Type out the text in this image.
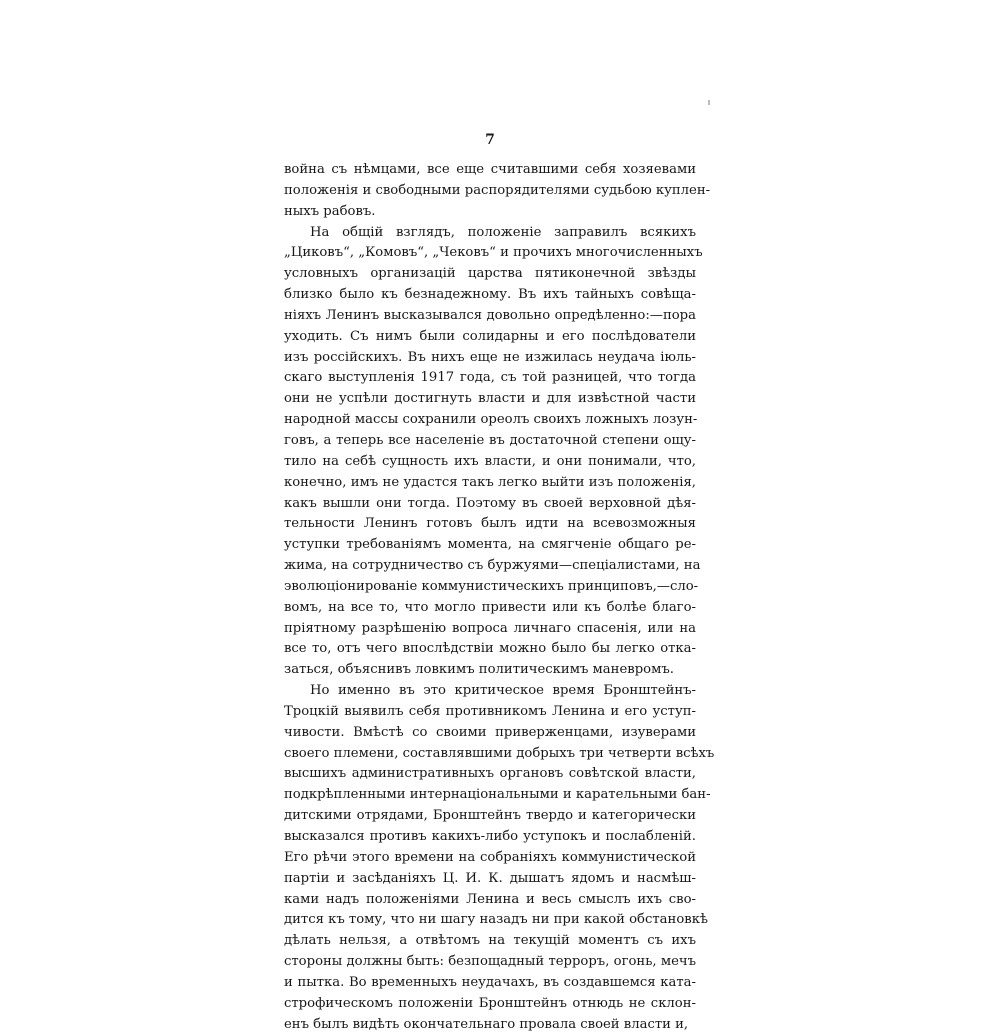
7

война съ нѣмцами, все еще считавшими себя хозяевами
положенія и свободными распорядителями судьбою куплен-
ныхъ рабовъ.
На общій взглядъ, положеніе заправилъ всякихъ
„Циковъ“, „Комовъ“, „Чековъ“ и прочихъ многочисленныхъ
условныхъ организацій царства пятиконечной звѣзды
близко было къ безнадежному. Въ ихъ тайныхъ совѣща-
ніяхъ Ленинъ высказывался довольно опредѣленно:—пора
уходить. Съ нимъ были солидарны и его послѣдователи
изъ россійскихъ. Въ нихъ еще не изжилась неудача іюль-
скаго выступленія 1917 года, съ той разницей, что тогда
они не успѣли достигнуть власти и для извѣстной части
народной массы сохранили ореолъ своихъ ложныхъ лозун-
говъ, а теперь все населеніе въ достаточной степени ощу-
тило на себѣ сущность ихъ власти, и они понимали, что,
конечно, имъ не удастся такъ легко выйти изъ положенія,
какъ вышли они тогда. Поэтому въ своей верховной дѣя-
тельности Ленинъ готовъ былъ идти на всевозможныя
уступки требованіямъ момента, на смягченіе общаго ре-
жима, на сотрудничество съ буржуями—спеціалистами, на
эволюціонированіе коммунистическихъ принциповъ,—сло-
вомъ, на все то, что могло привести или къ болѣе благо-
пріятному разрѣшенію вопроса личнаго спасенія, или на
все то, отъ чего впослѣдствіи можно было бы легко отка-
заться, объяснивъ ловкимъ политическимъ маневромъ.
Но именно въ это критическое время Бронштейнъ-
Троцкій выявилъ себя противникомъ Ленина и его уступ-
чивости. Вмѣстѣ со своими приверженцами, изуверами
своего племени, составлявшими добрыхъ три четверти всѣхъ
высшихъ административныхъ органовъ совѣтской власти,
подкрѣпленными интернаціональными и карательными бан-
дитскими отрядами, Бронштейнъ твердо и категорически
высказался противъ какихъ-либо уступокъ и послабленій.
Его рѣчи этого времени на собраніяхъ коммунистической
партіи и засѣданіяхъ Ц. И. К. дышатъ ядомъ и насмѣш-
ками надъ положеніями Ленина и весь смыслъ ихъ сво-
дится къ тому, что ни шагу назадъ ни при какой обстановкѣ
дѣлать нельзя, а отвѣтомъ на текущій моментъ съ ихъ
стороны должны быть: безпощадный терроръ, огонь, мечъ
и пытка. Во временныхъ неудачахъ, въ создавшемся ката-
строфическомъ положеніи Бронштейнъ отнюдь не склон-
енъ былъ видѣть окончательнаго провала своей власти и,
